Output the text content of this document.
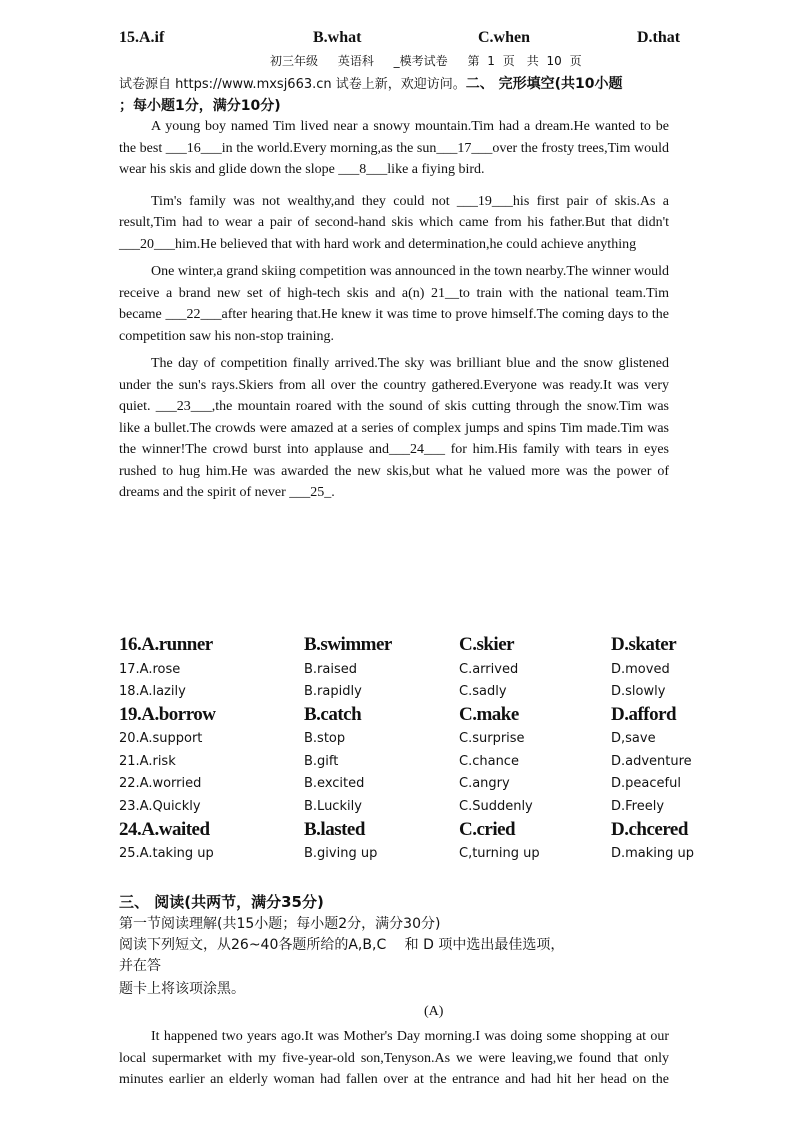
15.A.if	B.what	C.when	D.that
初三年级　 英语科　 _模考试卷　 第 1 页　共 10 页
试卷源自 https://www.mxsj663.cn 试卷上新，欢迎访问。二、 完形填空(共10小题
；每小题1分，满分10分)

A young boy named Tim lived near a snowy mountain.Tim had a dream.He wanted to be the best ___16___in the world.Every morning,as the sun___17___over the frosty trees,Tim would wear his skis and glide down the slope ___8___like a fiying bird.

Tim's family was not wealthy,and they could not ___19___his first pair of skis.As a result,Tim had to wear a pair of second-hand skis which came from his father.But that didn't ___20___him.He believed that with hard work and determination,he could achieve anything

One winter,a grand skiing competition was announced in the town nearby.The winner would receive a brand new set of high-tech skis and a(n) 21__to train with the national team.Tim became ___22___after hearing that.He knew it was time to prove himself.The coming days to the competition saw his non-stop training.

The day of competition finally arrived.The sky was brilliant blue and the snow glistened under the sun's rays.Skiers from all over the country gathered.Everyone was ready.It was very quiet. ___23___,the mountain roared with the sound of skis cutting through the snow.Tim was like a bullet.The crowds were amazed at a series of complex jumps and spins Tim made.Tim was the winner!The crowd burst into applause and___24___ for him.His family with tears in eyes rushed to hug him.He was awarded the new skis,but what he valued more was the power of dreams and the spirit of never ___25_.

16.A.runner	B.swimmer	C.skier	D.skater
17.A.rose	B.raised	C.arrived	D.moved
18.A.lazily	B.rapidly	C.sadly	D.slowly
19.A.borrow	B.catch	C.make	D.afford
20.A.support	B.stop	C.surprise	D,save
21.A.risk	B.gift	C.chance	D.adventure
22.A.worried	B.excited	C.angry	D.peaceful
23.A.Quickly	B.Luckily	C.Suddenly	D.Freely
24.A.waited	B.lasted	C.cried	D.chcered
25.A.taking up	B.giving up	C,turning up	D.making up
三、 阅读(共两节，满分35分)
第一节阅读理解(共15小题；每小题2分，满分30分)
阅读下列短文，从26~40各题所给的A,B,C　 和 D 项中选出最佳选项，
并在答
题卡上将该项涂黑。
(A)

It happened two years ago.It was Mother's Day morning.I was doing some shopping at our local supermarket with my five-year-old son,Tenyson.As we were leaving,we found that only minutes earlier an elderly woman had fallen over at the entrance and had hit her head on the
